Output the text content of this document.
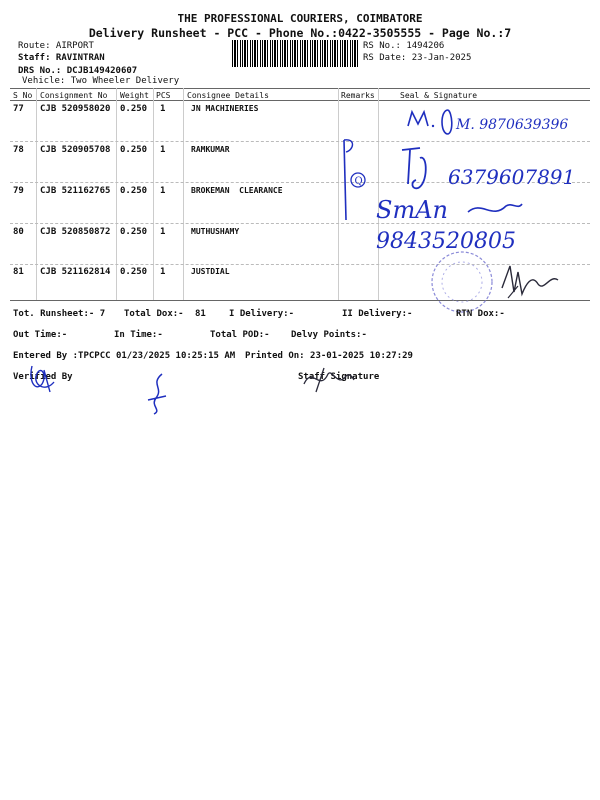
THE PROFESSIONAL COURIERS, COIMBATORE
Delivery Runsheet - PCC - Phone No.:0422-3505555 - Page No.:7
Route: AIRPORT
Staff: RAVINTRAN
DRS No.: DCJB149420607
Vehicle: Two Wheeler Delivery
RS No.: 1494206
RS Date: 23-Jan-2025
S No Consignment No Weight PCS Consignee Details	Remarks	Seal & Signature
77 CJB 520958020 0.250 1	JN MACHINERIES
78 CJB 520905708 0.250 1	RAMKUMAR
79 CJB 521162765 0.250 1	BROKEMAN  CLEARANCE
80 CJB 520850872 0.250 1	MUTHUSHAMY
81 CJB 521162814 0.250 1	JUSTDIAL
M. 9870639396
Q	6379607891
SmAn
9843520805
Tot. Runsheet:- 7 Total Dox:- 81	I Delivery:-	II Delivery:-	RTN Dox:-
Out Time:-	In Time:-	Total POD:- Delvy Points:-
Entered By :TPCPCC 01/23/2025 10:25:15 AM Printed On: 23-01-2025 10:27:29
Verified By	Staff Signature
